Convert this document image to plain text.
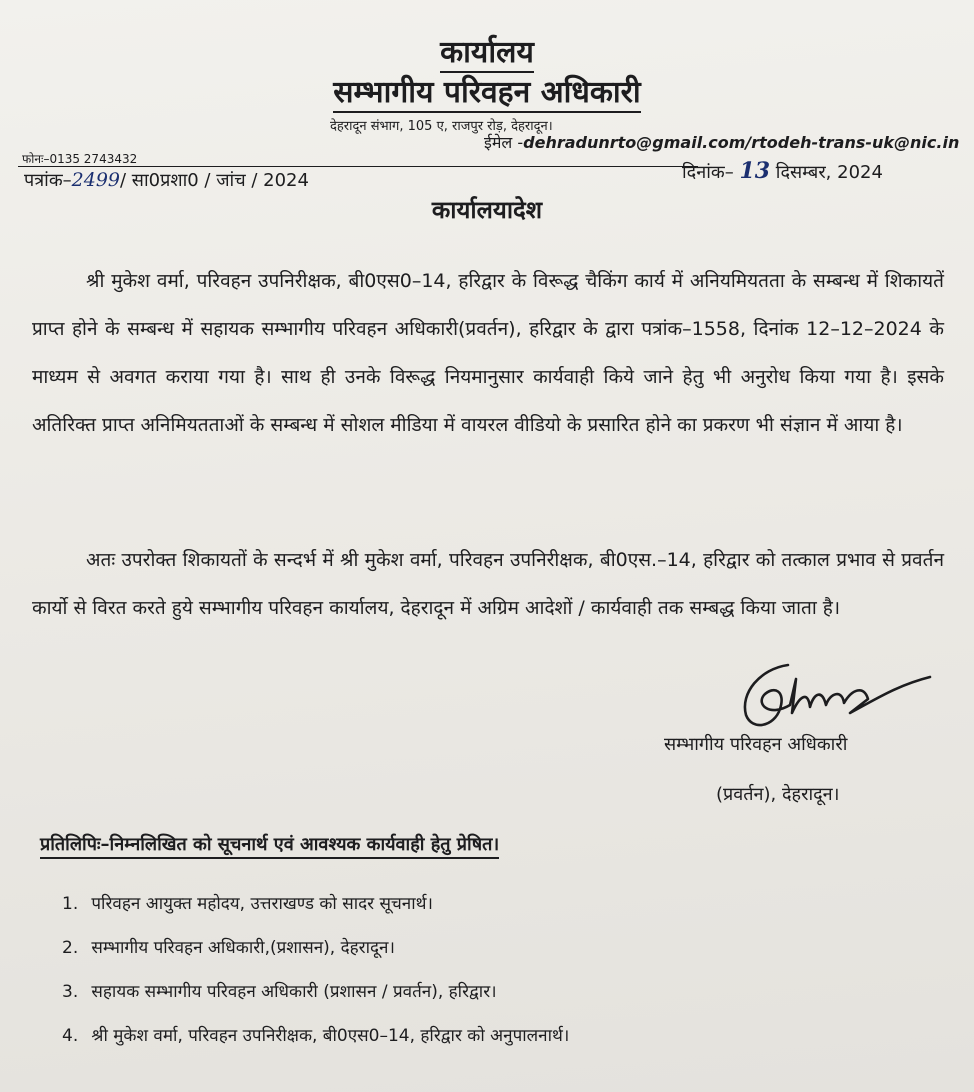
कार्यालय
सम्भागीय परिवहन अधिकारी
देहरादून संभाग, 105 ए, राजपुर रोड़, देहरादून।
ईमेल -dehradunrto@gmail.com/rtodeh-trans-uk@nic.in
फोनः–0135 2743432
पत्रांक–2499/ सा0प्रशा0 / जांच / 2024	दिनांक– 13 दिसम्बर, 2024
कार्यालयादेश

श्री मुकेश वर्मा, परिवहन उपनिरीक्षक, बी0एस0–14, हरिद्वार के विरूद्ध चैकिंग कार्य में अनियमियतता के सम्बन्ध में शिकायतें प्राप्त होने के सम्बन्ध में सहायक सम्भागीय परिवहन अधिकारी(प्रवर्तन), हरिद्वार के द्वारा पत्रांक–1558, दिनांक 12–12–2024 के माध्यम से अवगत कराया गया है। साथ ही उनके विरूद्ध नियमानुसार कार्यवाही किये जाने हेतु भी अनुरोध किया गया है। इसके अतिरिक्त प्राप्त अनिमियतताओं के सम्बन्ध में सोशल मीडिया में वायरल वीडियो के प्रसारित होने का प्रकरण भी संज्ञान में आया है।

अतः उपरोक्त शिकायतों के सन्दर्भ में श्री मुकेश वर्मा, परिवहन उपनिरीक्षक, बी0एस.–14, हरिद्वार को तत्काल प्रभाव से प्रवर्तन कार्यो से विरत करते हुये सम्भागीय परिवहन कार्यालय, देहरादून में अग्रिम आदेशों / कार्यवाही तक सम्बद्ध किया जाता है।

सम्भागीय परिवहन अधिकारी
(प्रवर्तन), देहरादून।
प्रतिलिपिः–निम्नलिखित को सूचनार्थ एवं आवश्यक कार्यवाही हेतु प्रेषित।
1. परिवहन आयुक्त महोदय, उत्तराखण्ड को सादर सूचनार्थ।
2. सम्भागीय परिवहन अधिकारी,(प्रशासन), देहरादून।
3. सहायक सम्भागीय परिवहन अधिकारी (प्रशासन / प्रवर्तन), हरिद्वार।
4. श्री मुकेश वर्मा, परिवहन उपनिरीक्षक, बी0एस0–14, हरिद्वार को अनुपालनार्थ।
